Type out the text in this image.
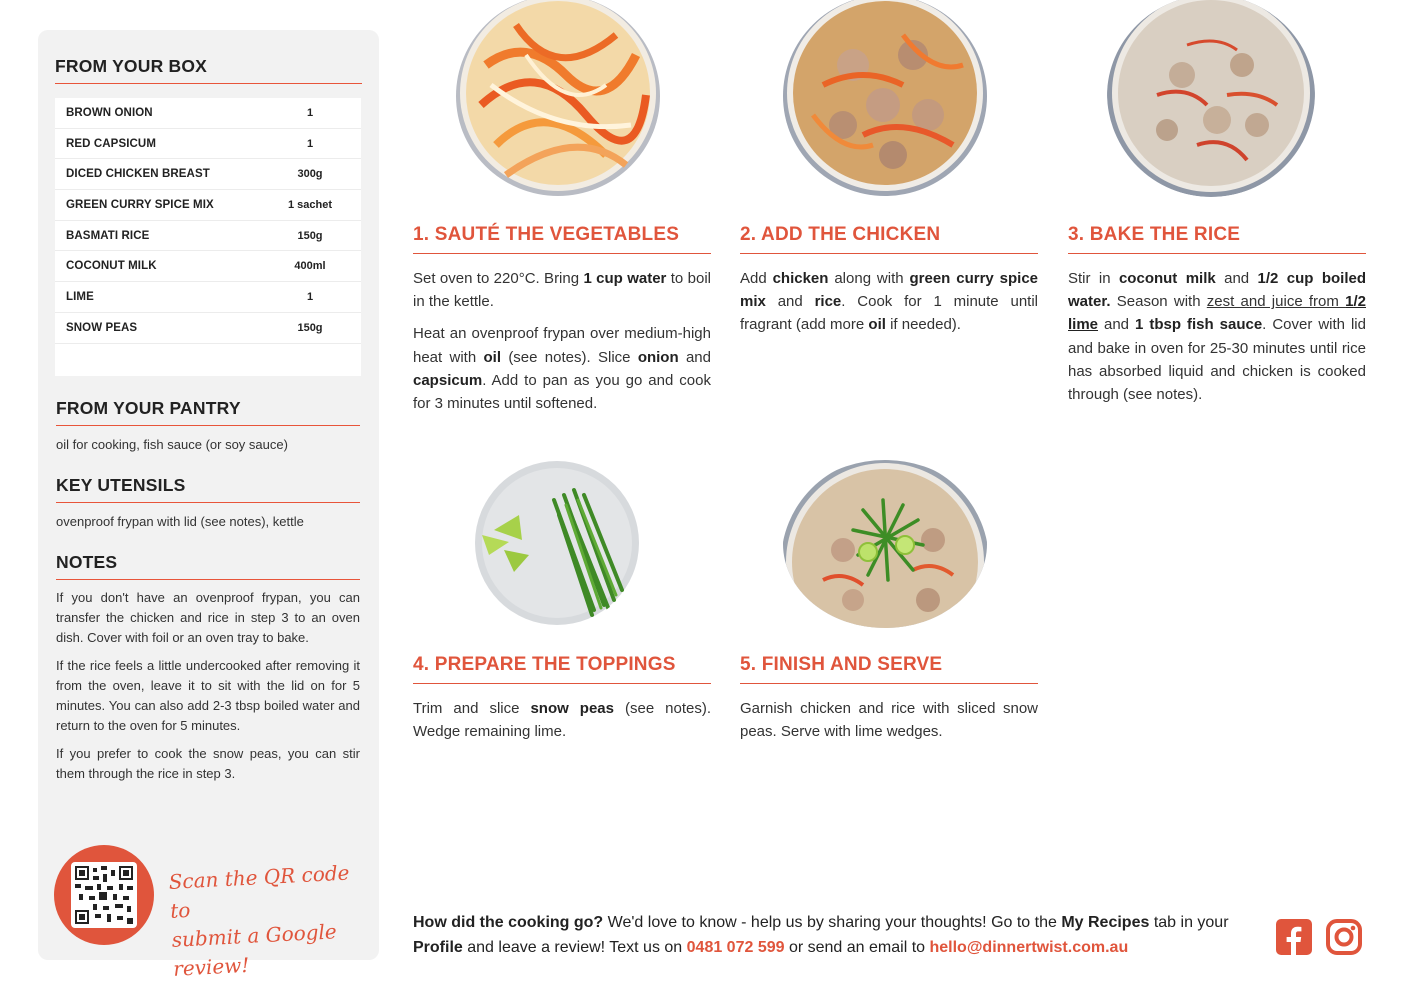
FROM YOUR BOX
BROWN ONION	1
RED CAPSICUM	1
DICED CHICKEN BREAST	300g
GREEN CURRY SPICE MIX	1 sachet
BASMATI RICE	150g
COCONUT MILK	400ml
LIME	1
SNOW PEAS	150g
FROM YOUR PANTRY
oil for cooking, fish sauce (or soy sauce)
KEY UTENSILS
ovenproof frypan with lid (see notes), kettle
NOTES

If you don't have an ovenproof frypan, you can transfer the chicken and rice in step 3 to an oven dish. Cover with foil or an oven tray to bake.

If the rice feels a little undercooked after removing it from the oven, leave it to sit with the lid on for 5 minutes. You can also add 2-3 tbsp boiled water and return to the oven for 5 minutes.

If you prefer to cook the snow peas, you can stir them through the rice in step 3.

Scan the QR code to
submit a Google review!
1. SAUTÉ THE VEGETABLES

Set oven to 220°C. Bring 1 cup water to boil in the kettle.

Heat an ovenproof frypan over medium-high heat with oil (see notes). Slice onion and capsicum. Add to pan as you go and cook for 3 minutes until softened.

2. ADD THE CHICKEN

Add chicken along with green curry spice mix and rice. Cook for 1 minute until fragrant (add more oil if needed).

3. BAKE THE RICE

Stir in coconut milk and 1/2 cup boiled water. Season with zest and juice from 1/2 lime and 1 tbsp fish sauce. Cover with lid and bake in oven for 25-30 minutes until rice has absorbed liquid and chicken is cooked through (see notes).

4. PREPARE THE TOPPINGS

Trim and slice snow peas (see notes). Wedge remaining lime.

5. FINISH AND SERVE

Garnish chicken and rice with sliced snow peas. Serve with lime wedges.

How did the cooking go? We'd love to know - help us by sharing your thoughts! Go to the My Recipes tab in your Profile and leave a review! Text us on 0481 072 599 or send an email to hello@dinnertwist.com.au
